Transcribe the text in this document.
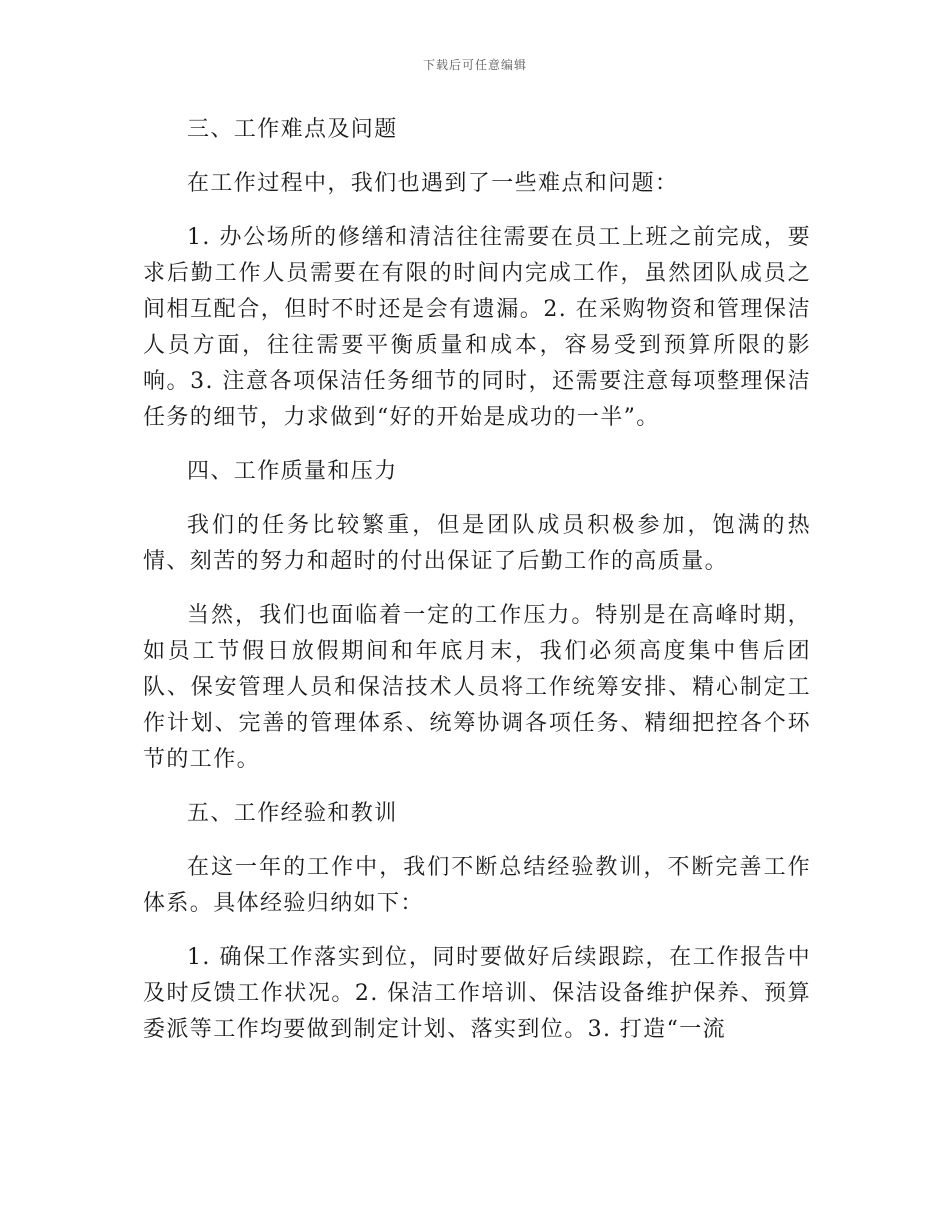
下载后可任意编辑

三、工作难点及问题

在工作过程中，我们也遇到了一些难点和问题：

1. 办公场所的修缮和清洁往往需要在员工上班之前完成，要求后勤工作人员需要在有限的时间内完成工作，虽然团队成员之间相互配合，但时不时还是会有遗漏。2. 在采购物资和管理保洁人员方面，往往需要平衡质量和成本，容易受到预算所限的影响。3. 注意各项保洁任务细节的同时，还需要注意每项整理保洁任务的细节，力求做到“好的开始是成功的一半”。

四、工作质量和压力

我们的任务比较繁重，但是团队成员积极参加，饱满的热情、刻苦的努力和超时的付出保证了后勤工作的高质量。

当然，我们也面临着一定的工作压力。特别是在高峰时期，如员工节假日放假期间和年底月末，我们必须高度集中售后团队、保安管理人员和保洁技术人员将工作统筹安排、精心制定工作计划、完善的管理体系、统筹协调各项任务、精细把控各个环节的工作。

五、工作经验和教训

在这一年的工作中，我们不断总结经验教训，不断完善工作体系。具体经验归纳如下：

1. 确保工作落实到位，同时要做好后续跟踪，在工作报告中及时反馈工作状况。2. 保洁工作培训、保洁设备维护保养、预算委派等工作均要做到制定计划、落实到位。3. 打造“一流
